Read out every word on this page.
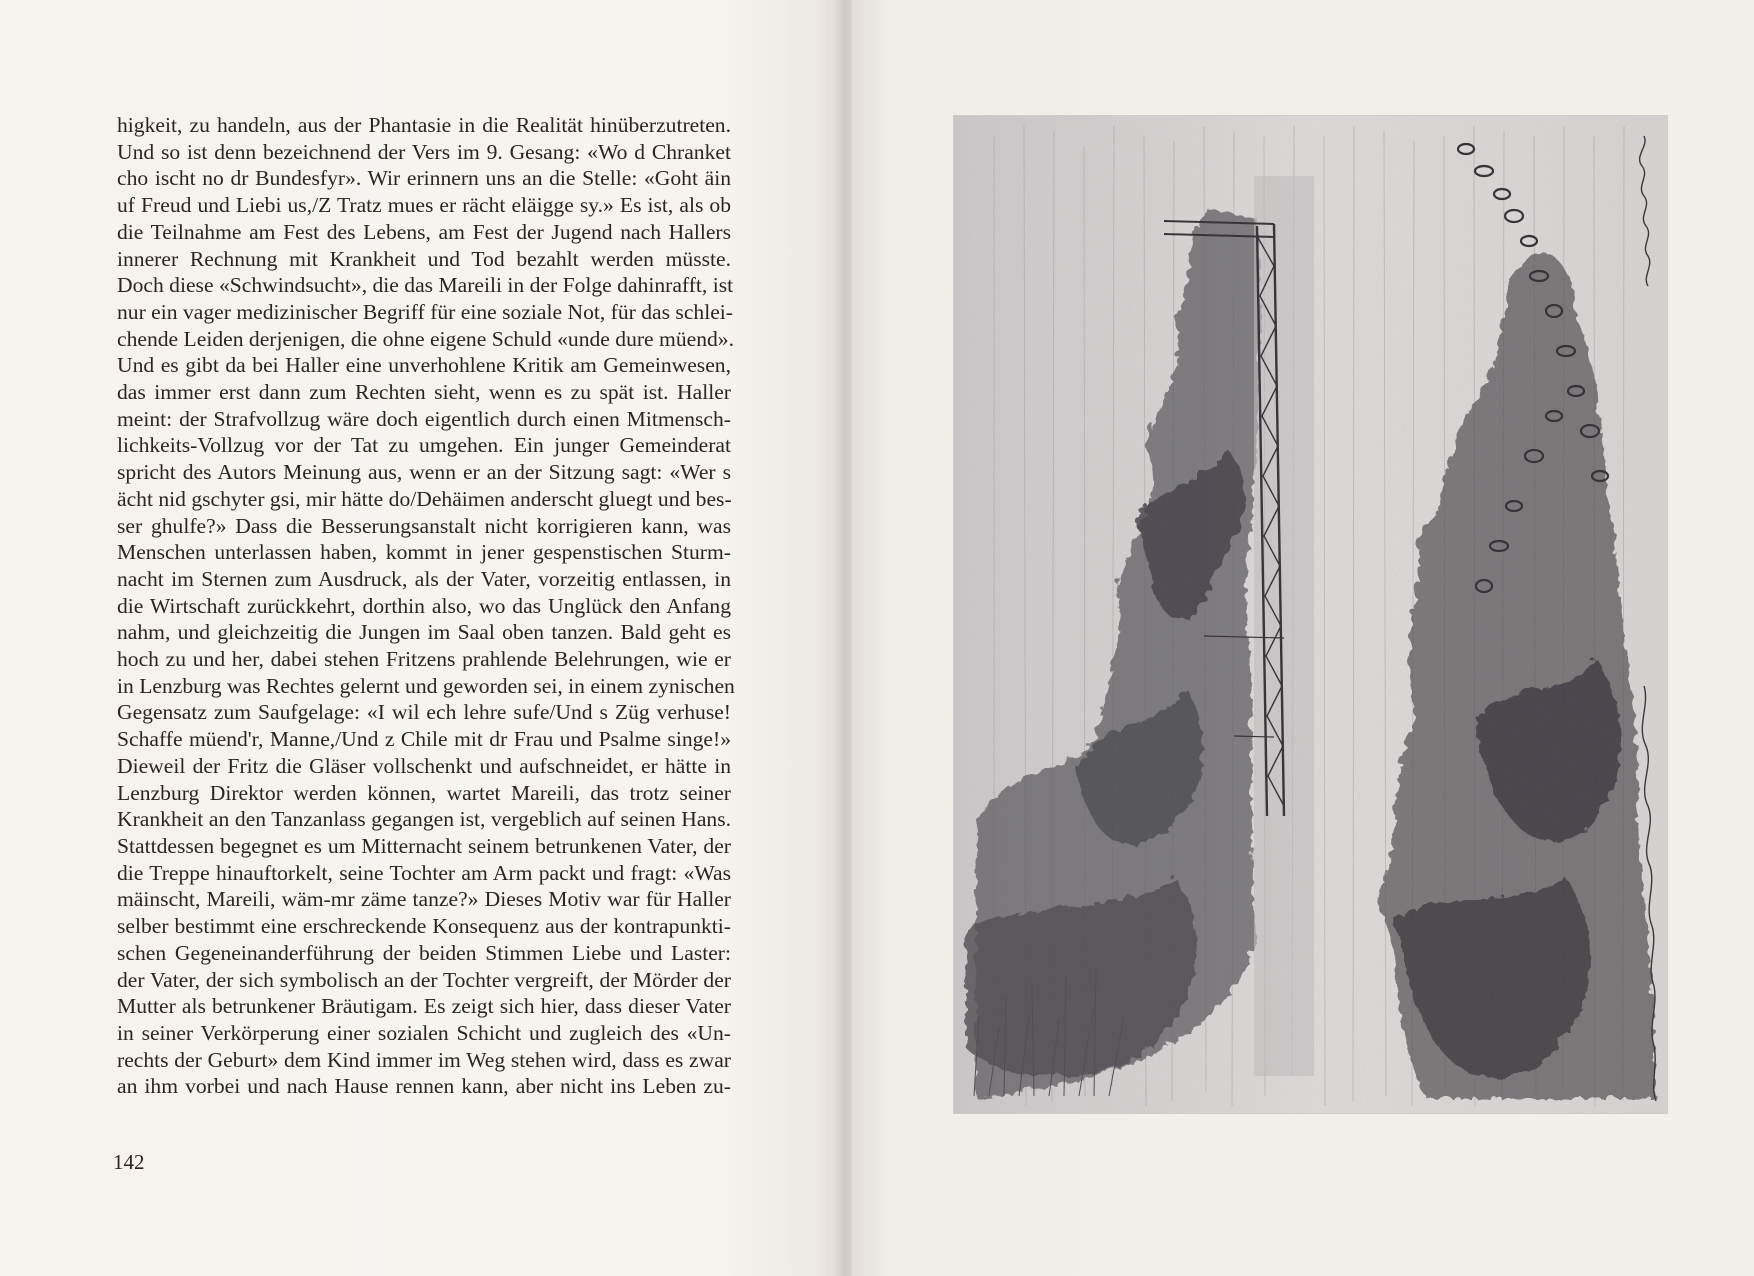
higkeit, zu handeln, aus der Phantasie in die Realität hinüberzutreten.
Und so ist denn bezeichnend der Vers im 9. Gesang: «Wo d Chranket
cho ischt no dr Bundesfyr». Wir erinnern uns an die Stelle: «Goht äin
uf Freud und Liebi us,/Z Tratz mues er rächt eläigge sy.» Es ist, als ob
die Teilnahme am Fest des Lebens, am Fest der Jugend nach Hallers
innerer Rechnung mit Krankheit und Tod bezahlt werden müsste.
Doch diese «Schwindsucht», die das Mareili in der Folge dahinrafft, ist
nur ein vager medizinischer Begriff für eine soziale Not, für das schlei-
chende Leiden derjenigen, die ohne eigene Schuld «unde dure müend».
Und es gibt da bei Haller eine unverhohlene Kritik am Gemeinwesen,
das immer erst dann zum Rechten sieht, wenn es zu spät ist. Haller
meint: der Strafvollzug wäre doch eigentlich durch einen Mitmensch-
lichkeits-Vollzug vor der Tat zu umgehen. Ein junger Gemeinderat
spricht des Autors Meinung aus, wenn er an der Sitzung sagt: «Wer s
ächt nid gschyter gsi, mir hätte do/Dehäimen anderscht gluegt und bes-
ser ghulfe?» Dass die Besserungsanstalt nicht korrigieren kann, was
Menschen unterlassen haben, kommt in jener gespenstischen Sturm-
nacht im Sternen zum Ausdruck, als der Vater, vorzeitig entlassen, in
die Wirtschaft zurückkehrt, dorthin also, wo das Unglück den Anfang
nahm, und gleichzeitig die Jungen im Saal oben tanzen. Bald geht es
hoch zu und her, dabei stehen Fritzens prahlende Belehrungen, wie er
in Lenzburg was Rechtes gelernt und geworden sei, in einem zynischen
Gegensatz zum Saufgelage: «I wil ech lehre sufe/Und s Züg verhuse!
Schaffe müend'r, Manne,/Und z Chile mit dr Frau und Psalme singe!»
Dieweil der Fritz die Gläser vollschenkt und aufschneidet, er hätte in
Lenzburg Direktor werden können, wartet Mareili, das trotz seiner
Krankheit an den Tanzanlass gegangen ist, vergeblich auf seinen Hans.
Stattdessen begegnet es um Mitternacht seinem betrunkenen Vater, der
die Treppe hinauftorkelt, seine Tochter am Arm packt und fragt: «Was
mäinscht, Mareili, wäm-mr zäme tanze?» Dieses Motiv war für Haller
selber bestimmt eine erschreckende Konsequenz aus der kontrapunkti-
schen Gegeneinanderführung der beiden Stimmen Liebe und Laster:
der Vater, der sich symbolisch an der Tochter vergreift, der Mörder der
Mutter als betrunkener Bräutigam. Es zeigt sich hier, dass dieser Vater
in seiner Verkörperung einer sozialen Schicht und zugleich des «Un-
rechts der Geburt» dem Kind immer im Weg stehen wird, dass es zwar
an ihm vorbei und nach Hause rennen kann, aber nicht ins Leben zu-
142
